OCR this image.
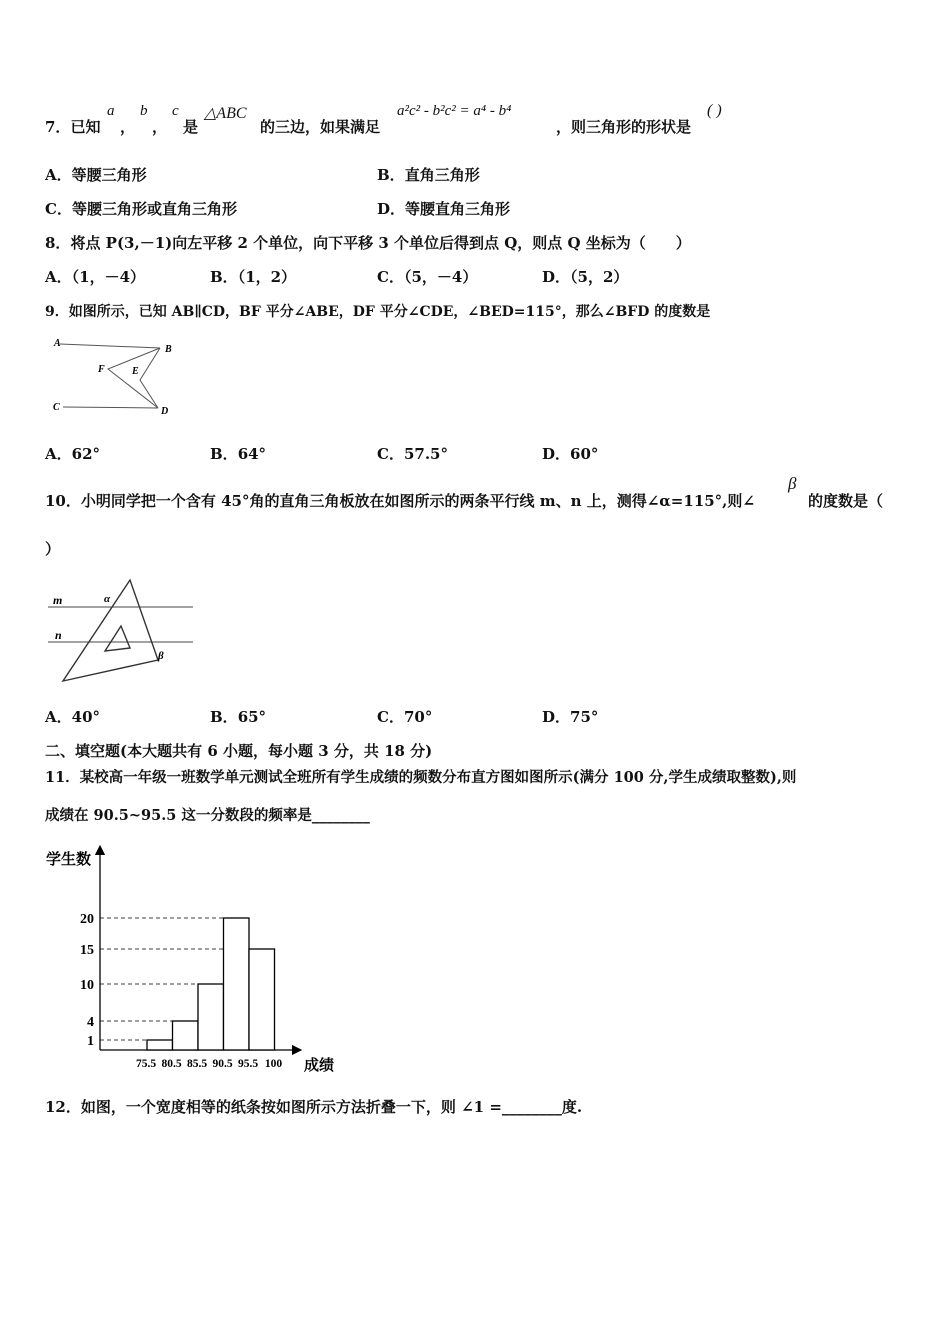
7．已知
a
，
b
，
c
是
△ABC
的三边，如果满足
a²c² - b²c² = a⁴ - b⁴
，则三角形的形状是
( )
A．等腰三角形	B．直角三角形
C．等腰三角形或直角三角形	D．等腰直角三角形
8．将点 P(3,－1)向左平移 2 个单位，向下平移 3 个单位后得到点 Q，则点 Q 坐标为（　　）
A．（1，－4）	B．（1，2）	C．（5，－4）	D．（5，2）
9．如图所示，已知 AB∥CD，BF 平分∠ABE，DF 平分∠CDE，∠BED=115°，那么∠BFD 的度数是
A
B
C	D
E
F
A．62°	B．64°	C．57.5°	D．60°
10．小明同学把一个含有 45°角的直角三角板放在如图所示的两条平行线 m、n 上，测得∠α=115°,则∠
β
的度数是（
）
m
n
α
β
A．40°	B．65°	C．70°	D．75°
二、填空题(本大题共有 6 小题，每小题 3 分，共 18 分)
11．某校高一年级一班数学单元测试全班所有学生成绩的频数分布直方图如图所示(满分 100 分,学生成绩取整数),则
成绩在 90.5~95.5 这一分数段的频率是________
学生数
成绩
1
4
10
15
20
75.5 80.5 85.5 90.5 95.5 100
12．如图，一个宽度相等的纸条按如图所示方法折叠一下，则 ∠1 =________度.
